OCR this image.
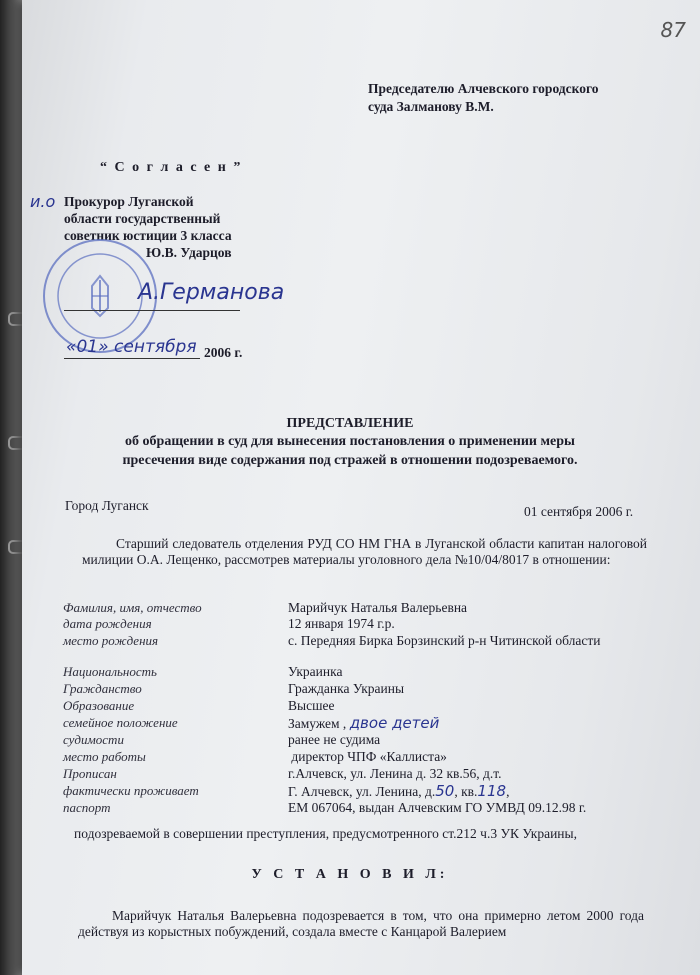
87
Председателю Алчевского городского
суда Залманову В.М.
“ С о г л а с е н ”
и.о Прокурор Луганской
области государственный
советник юстиции 3 класса
Ю.В. Ударцов
А.Германова
«01» сентября 2006 г.
ПРЕДСТАВЛЕНИЕ
об обращении в суд для вынесения постановления о применении меры
пресечения виде содержания под стражей в отношении подозреваемого.
Город Луганск	01 сентября 2006 г.
Старший следователь отделения РУД СО НМ ГНА в Луганской области капитан налоговой милиции О.А. Лещенко, рассмотрев материалы уголовного дела №10/04/8017 в отношении:
Фамилия, имя, отчество	Марийчук Наталья Валерьевна
дата рождения	12 января 1974 г.р.
место рождения	с. Передняя Бирка Борзинский р-н Читинской области
Национальность	Украинка
Гражданство	Гражданка Украины
Образование	Высшее
семейное положение	Замужем , двое детей
судимости	ранее не судима
место работы	директор ЧПФ «Каллиста»
Прописан	г.Алчевск, ул. Ленина д. 32 кв.56, д.т.
фактически проживает	Г. Алчевск, ул. Ленина, д.50, кв.118,
паспорт	ЕМ 067064, выдан Алчевским ГО УМВД 09.12.98 г.
подозреваемой в совершении преступления, предусмотренного ст.212 ч.3 УК Украины,
У С Т А Н О В И Л:
Марийчук Наталья Валерьевна подозревается в том, что она примерно летом 2000 года действуя из корыстных побуждений, создала вместе с Канцарой Валерием
